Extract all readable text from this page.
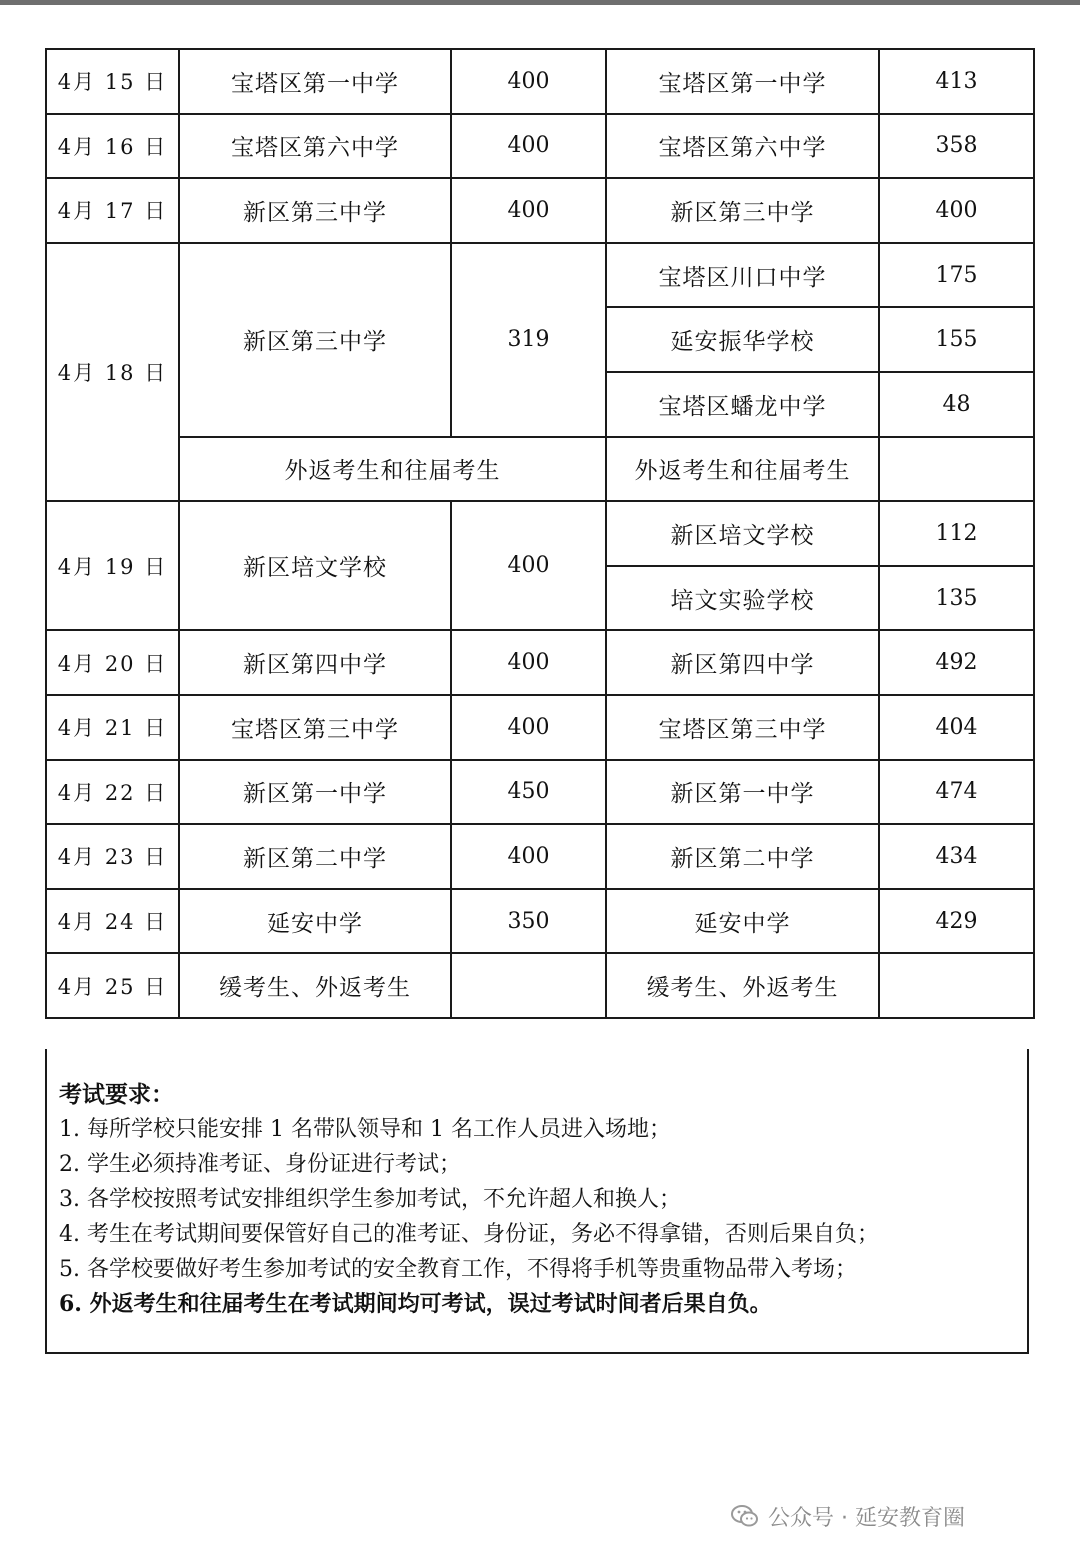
4月 15 日	宝塔区第一中学	400	宝塔区第一中学	413
4月 16 日	宝塔区第六中学	400	宝塔区第六中学	358
4月 17 日	新区第三中学	400	新区第三中学	400
4月 18 日	新区第三中学	319	宝塔区川口中学	175
			延安振华学校	155
			宝塔区蟠龙中学	48
	外返考生和往届考生		外返考生和往届考生	
4月 19 日	新区培文学校	400	新区培文学校	112
			培文实验学校	135
4月 20 日	新区第四中学	400	新区第四中学	492
4月 21 日	宝塔区第三中学	400	宝塔区第三中学	404
4月 22 日	新区第一中学	450	新区第一中学	474
4月 23 日	新区第二中学	400	新区第二中学	434
4月 24 日	延安中学	350	延安中学	429
4月 25 日	缓考生、外返考生		缓考生、外返考生	
考试要求：
1. 每所学校只能安排 1 名带队领导和 1 名工作人员进入场地；
2. 学生必须持准考证、身份证进行考试；
3. 各学校按照考试安排组织学生参加考试，不允许超人和换人；
4. 考生在考试期间要保管好自己的准考证、身份证，务必不得拿错，否则后果自负；
5. 各学校要做好考生参加考试的安全教育工作，不得将手机等贵重物品带入考场；
6. 外返考生和往届考生在考试期间均可考试，误过考试时间者后果自负。
公众号 · 延安教育圈
